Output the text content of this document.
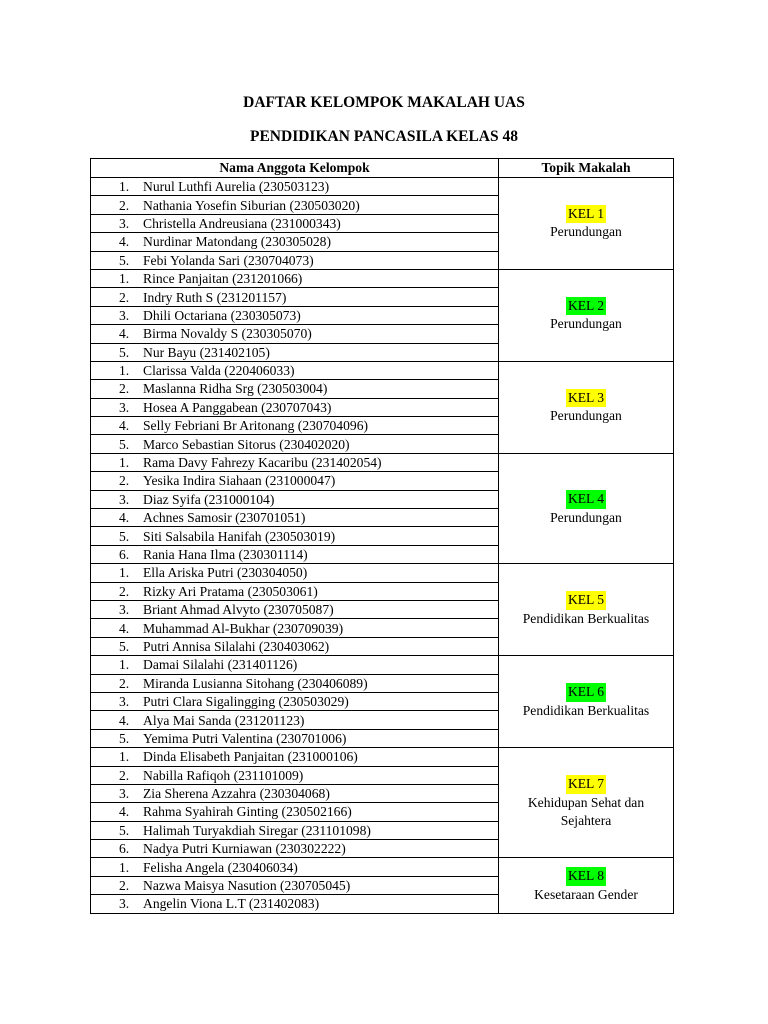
DAFTAR KELOMPOK MAKALAH UAS
PENDIDIKAN PANCASILA KELAS 48
Nama Anggota Kelompok	Topik Makalah
1. Nurul Luthfi Aurelia (230503123)	KEL 1
Perundungan

2. Nathania Yosefin Siburian (230503020)	
3. Christella Andreusiana (231000343)	
4. Nurdinar Matondang (230305028)	
5. Febi Yolanda Sari (230704073)	
1. Rince Panjaitan (231201066)	KEL 2
Perundungan

2. Indry Ruth S (231201157)	
3. Dhili Octariana (230305073)	
4. Birma Novaldy S (230305070)	
5. Nur Bayu (231402105)	
1. Clarissa Valda (220406033)	KEL 3
Perundungan

2. Maslanna Ridha Srg (230503004)	
3. Hosea A Panggabean (230707043)	
4. Selly Febriani Br Aritonang (230704096)	
5. Marco Sebastian Sitorus (230402020)	
1. Rama Davy Fahrezy Kacaribu (231402054)	KEL 4
Perundungan

2. Yesika Indira Siahaan (231000047)	
3. Diaz Syifa (231000104)	
4. Achnes Samosir (230701051)	
5. Siti Salsabila Hanifah (230503019)	
6. Rania Hana Ilma (230301114)	
1. Ella Ariska Putri (230304050)	KEL 5
Pendidikan Berkualitas

2. Rizky Ari Pratama (230503061)	
3. Briant Ahmad Alvyto (230705087)	
4. Muhammad Al-Bukhar (230709039)	
5. Putri Annisa Silalahi (230403062)	
1. Damai Silalahi (231401126)	KEL 6
Pendidikan Berkualitas

2. Miranda Lusianna Sitohang (230406089)	
3. Putri Clara Sigalingging (230503029)	
4. Alya Mai Sanda (231201123)	
5. Yemima Putri Valentina (230701006)	
1. Dinda Elisabeth Panjaitan (231000106)	KEL 7
Kehidupan Sehat dan Sejahtera

2. Nabilla Rafiqoh (231101009)	
3. Zia Sherena Azzahra (230304068)	
4. Rahma Syahirah Ginting (230502166)	
5. Halimah Turyakdiah Siregar (231101098)	
6. Nadya Putri Kurniawan (230302222)	
1. Felisha Angela (230406034)	KEL 8
Kesetaraan Gender

2. Nazwa Maisya Nasution (230705045)	
3. Angelin Viona L.T (231402083)	
